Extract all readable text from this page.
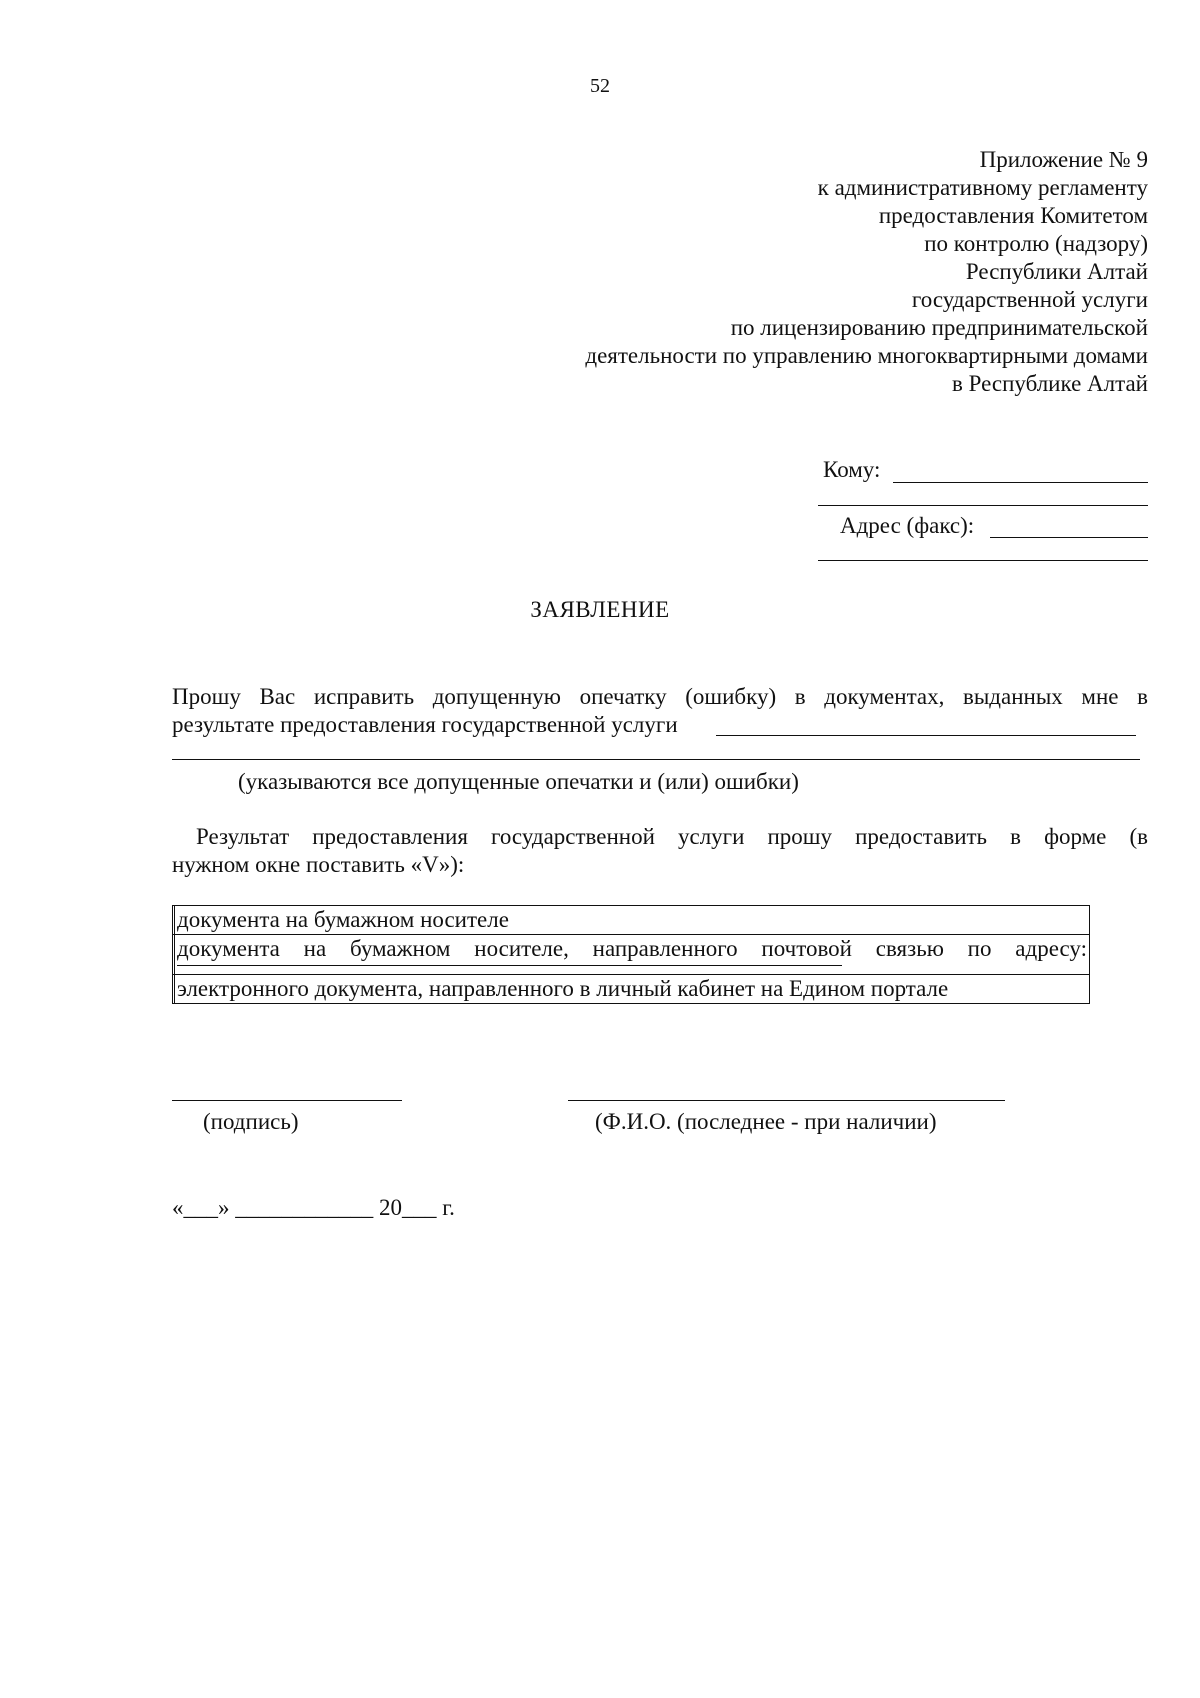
52
Приложение № 9
к административному регламенту
предоставления Комитетом
по контролю (надзору)
Республики Алтай
государственной услуги
по лицензированию предпринимательской
деятельности по управлению многоквартирными домами
в Республике Алтай
Кому:
Адрес (факс):
ЗАЯВЛЕНИЕ
Прошу Вас исправить допущенную опечатку (ошибку) в документах, выданных мне в
результате предоставления государственной услуги
(указываются все допущенные опечатки и (или) ошибки)
Результат предоставления государственной услуги прошу предоставить в форме (в
нужном окне поставить «V»):
	документа на бумажном носителе

	документа на бумажном носителе, направленного почтовой связью по адресу:

	электронного документа, направленного в личный кабинет на Едином портале
(подпись)	(Ф.И.О. (последнее - при наличии)
«___» ____________ 20___ г.
